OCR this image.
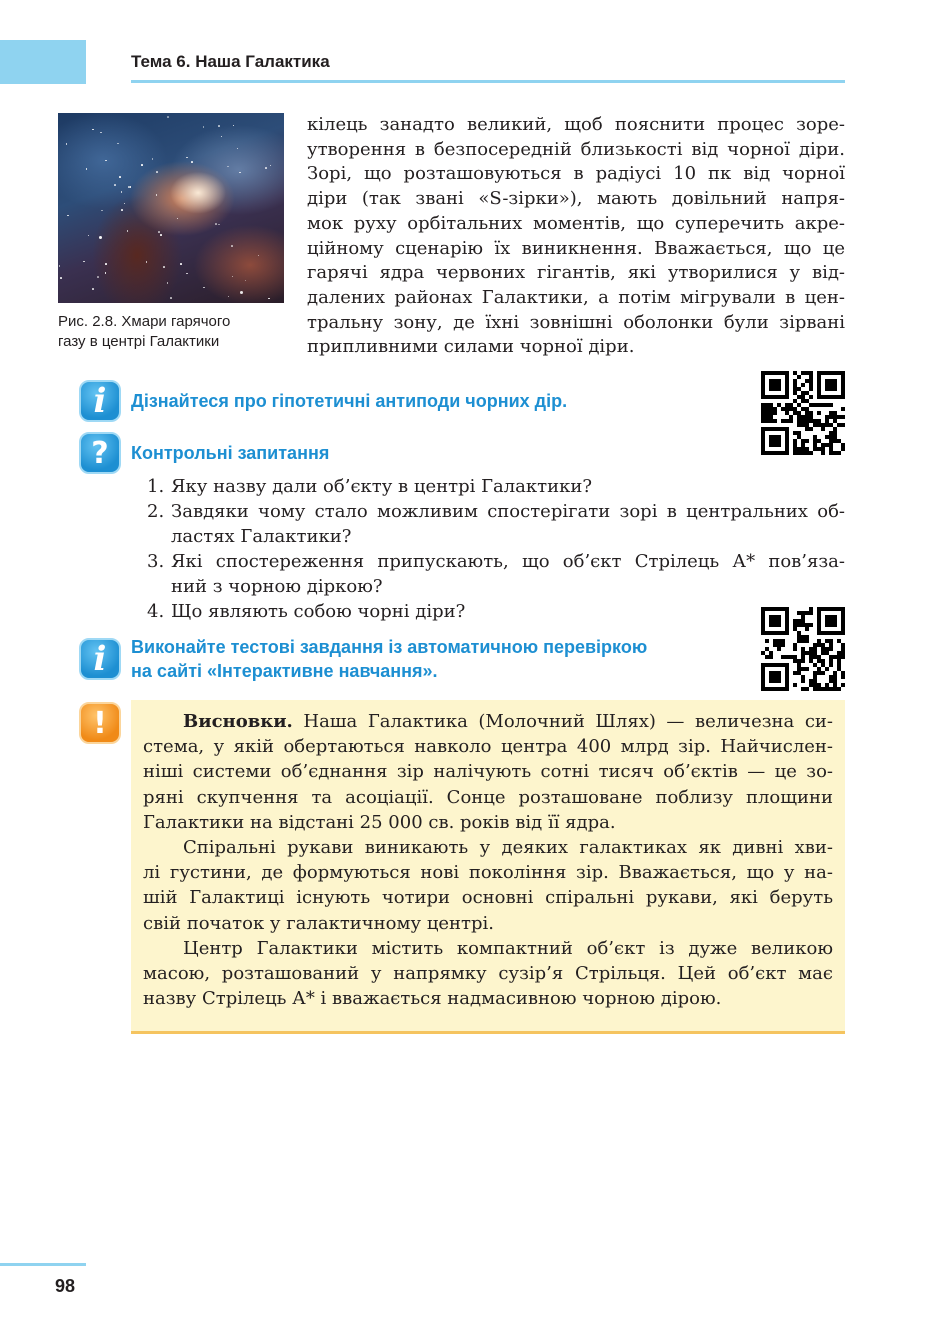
Тема 6. Наша Галактика
Рис. 2.8. Хмари гарячого
газу в центрі Галактики
кілець занадто великий, щоб пояснити процес зоре-
утворення в безпосередній близькості від чорної діри.
Зорі, що розташовуються в радіусі 10 пк від чорної
діри (так звані «S-зірки»), мають довільний напря-
мок руху орбітальних моментів, що суперечить акре-
ційному сценарію їх виникнення. Вважається, що це
гарячі ядра червоних гігантів, які утворилися у від-
далених районах Галактики, а потім мігрували в цен-
тральну зону, де їхні зовнішні оболонки були зірвані
припливними силами чорної діри.
i	Дізнайтеся про гіпотетичні антиподи чорних дір.
?	Контрольні запитання
1. Яку назву дали об’єкту в центрі Галактики?
2. Завдяки чому стало можливим спостерігати зорі в центральних об-
ластях Галактики?
3. Які спостереження припускають, що об’єкт Стрілець А* пов’яза-
ний з чорною діркою?
4. Що являють собою чорні діри?
i	Виконайте тестові завдання із автоматичною перевіркою
на сайті «Інтерактивне навчання».
!	Висновки. Наша Галактика (Молочний Шлях) — величезна си-
стема, у якій обертаються навколо центра 400 млрд зір. Найчислен-
ніші системи об’єднання зір налічують сотні тисяч об’єктів — це зо-
ряні скупчення та асоціації. Сонце розташоване поблизу площини
Галактики на відстані 25 000 св. років від її ядра.
Спіральні рукави виникають у деяких галактиках як дивні хви-
лі густини, де формуються нові покоління зір. Вважається, що у на-
шій Галактиці існують чотири основні спіральні рукави, які беруть
свій початок у галактичному центрі.
Центр Галактики містить компактний об’єкт із дуже великою
масою, розташований у напрямку сузір’я Стрільця. Цей об’єкт має
назву Стрілець А* і вважається надмасивною чорною дірою.
98
